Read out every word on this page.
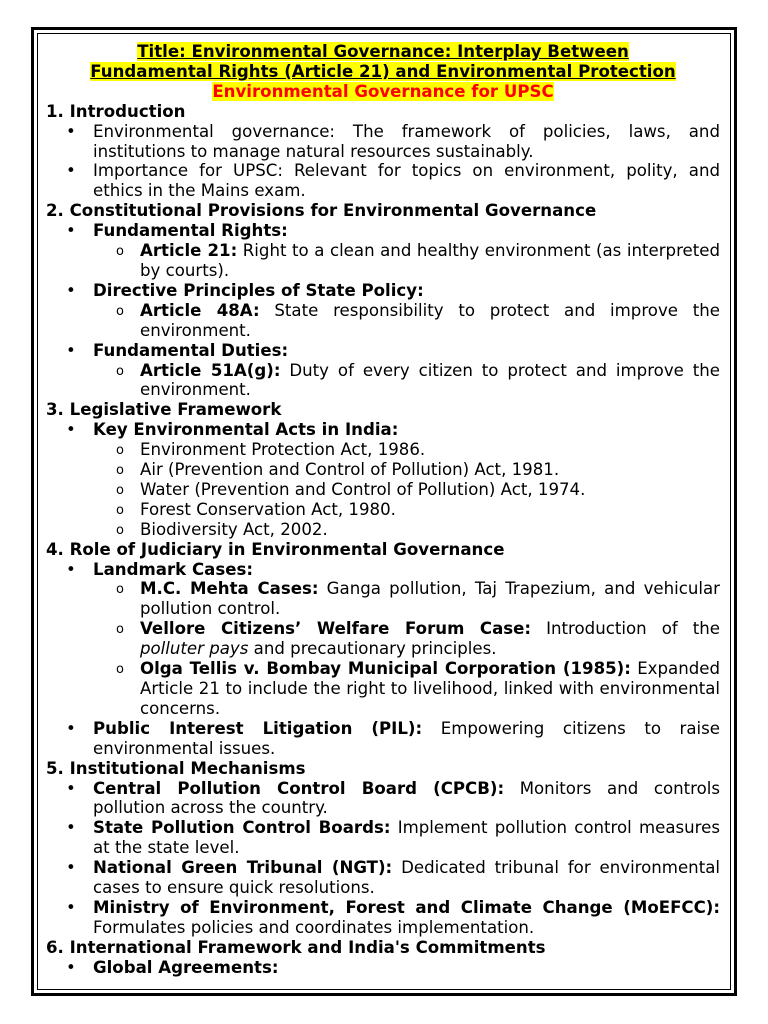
Title: Environmental Governance: Interplay Between
Fundamental Rights (Article 21) and Environmental Protection
Environmental Governance for UPSC
1. Introduction
• Environmental governance: The framework of policies, laws, and institutions to manage natural resources sustainably.
• Importance for UPSC: Relevant for topics on environment, polity, and ethics in the Mains exam.
2. Constitutional Provisions for Environmental Governance
• Fundamental Rights:
o Article 21: Right to a clean and healthy environment (as interpreted by courts).
• Directive Principles of State Policy:
o Article 48A: State responsibility to protect and improve the environment.
• Fundamental Duties:
o Article 51A(g): Duty of every citizen to protect and improve the environment.
3. Legislative Framework
• Key Environmental Acts in India:
o Environment Protection Act, 1986.
o Air (Prevention and Control of Pollution) Act, 1981.
o Water (Prevention and Control of Pollution) Act, 1974.
o Forest Conservation Act, 1980.
o Biodiversity Act, 2002.
4. Role of Judiciary in Environmental Governance
• Landmark Cases:
o M.C. Mehta Cases: Ganga pollution, Taj Trapezium, and vehicular pollution control.
o Vellore Citizens’ Welfare Forum Case: Introduction of the polluter pays and precautionary principles.
o Olga Tellis v. Bombay Municipal Corporation (1985): Expanded Article 21 to include the right to livelihood, linked with environmental concerns.
• Public Interest Litigation (PIL): Empowering citizens to raise environmental issues.
5. Institutional Mechanisms
• Central Pollution Control Board (CPCB): Monitors and controls pollution across the country.
• State Pollution Control Boards: Implement pollution control measures at the state level.
• National Green Tribunal (NGT): Dedicated tribunal for environmental cases to ensure quick resolutions.
• Ministry of Environment, Forest and Climate Change (MoEFCC): Formulates policies and coordinates implementation.
6. International Framework and India's Commitments
• Global Agreements:
